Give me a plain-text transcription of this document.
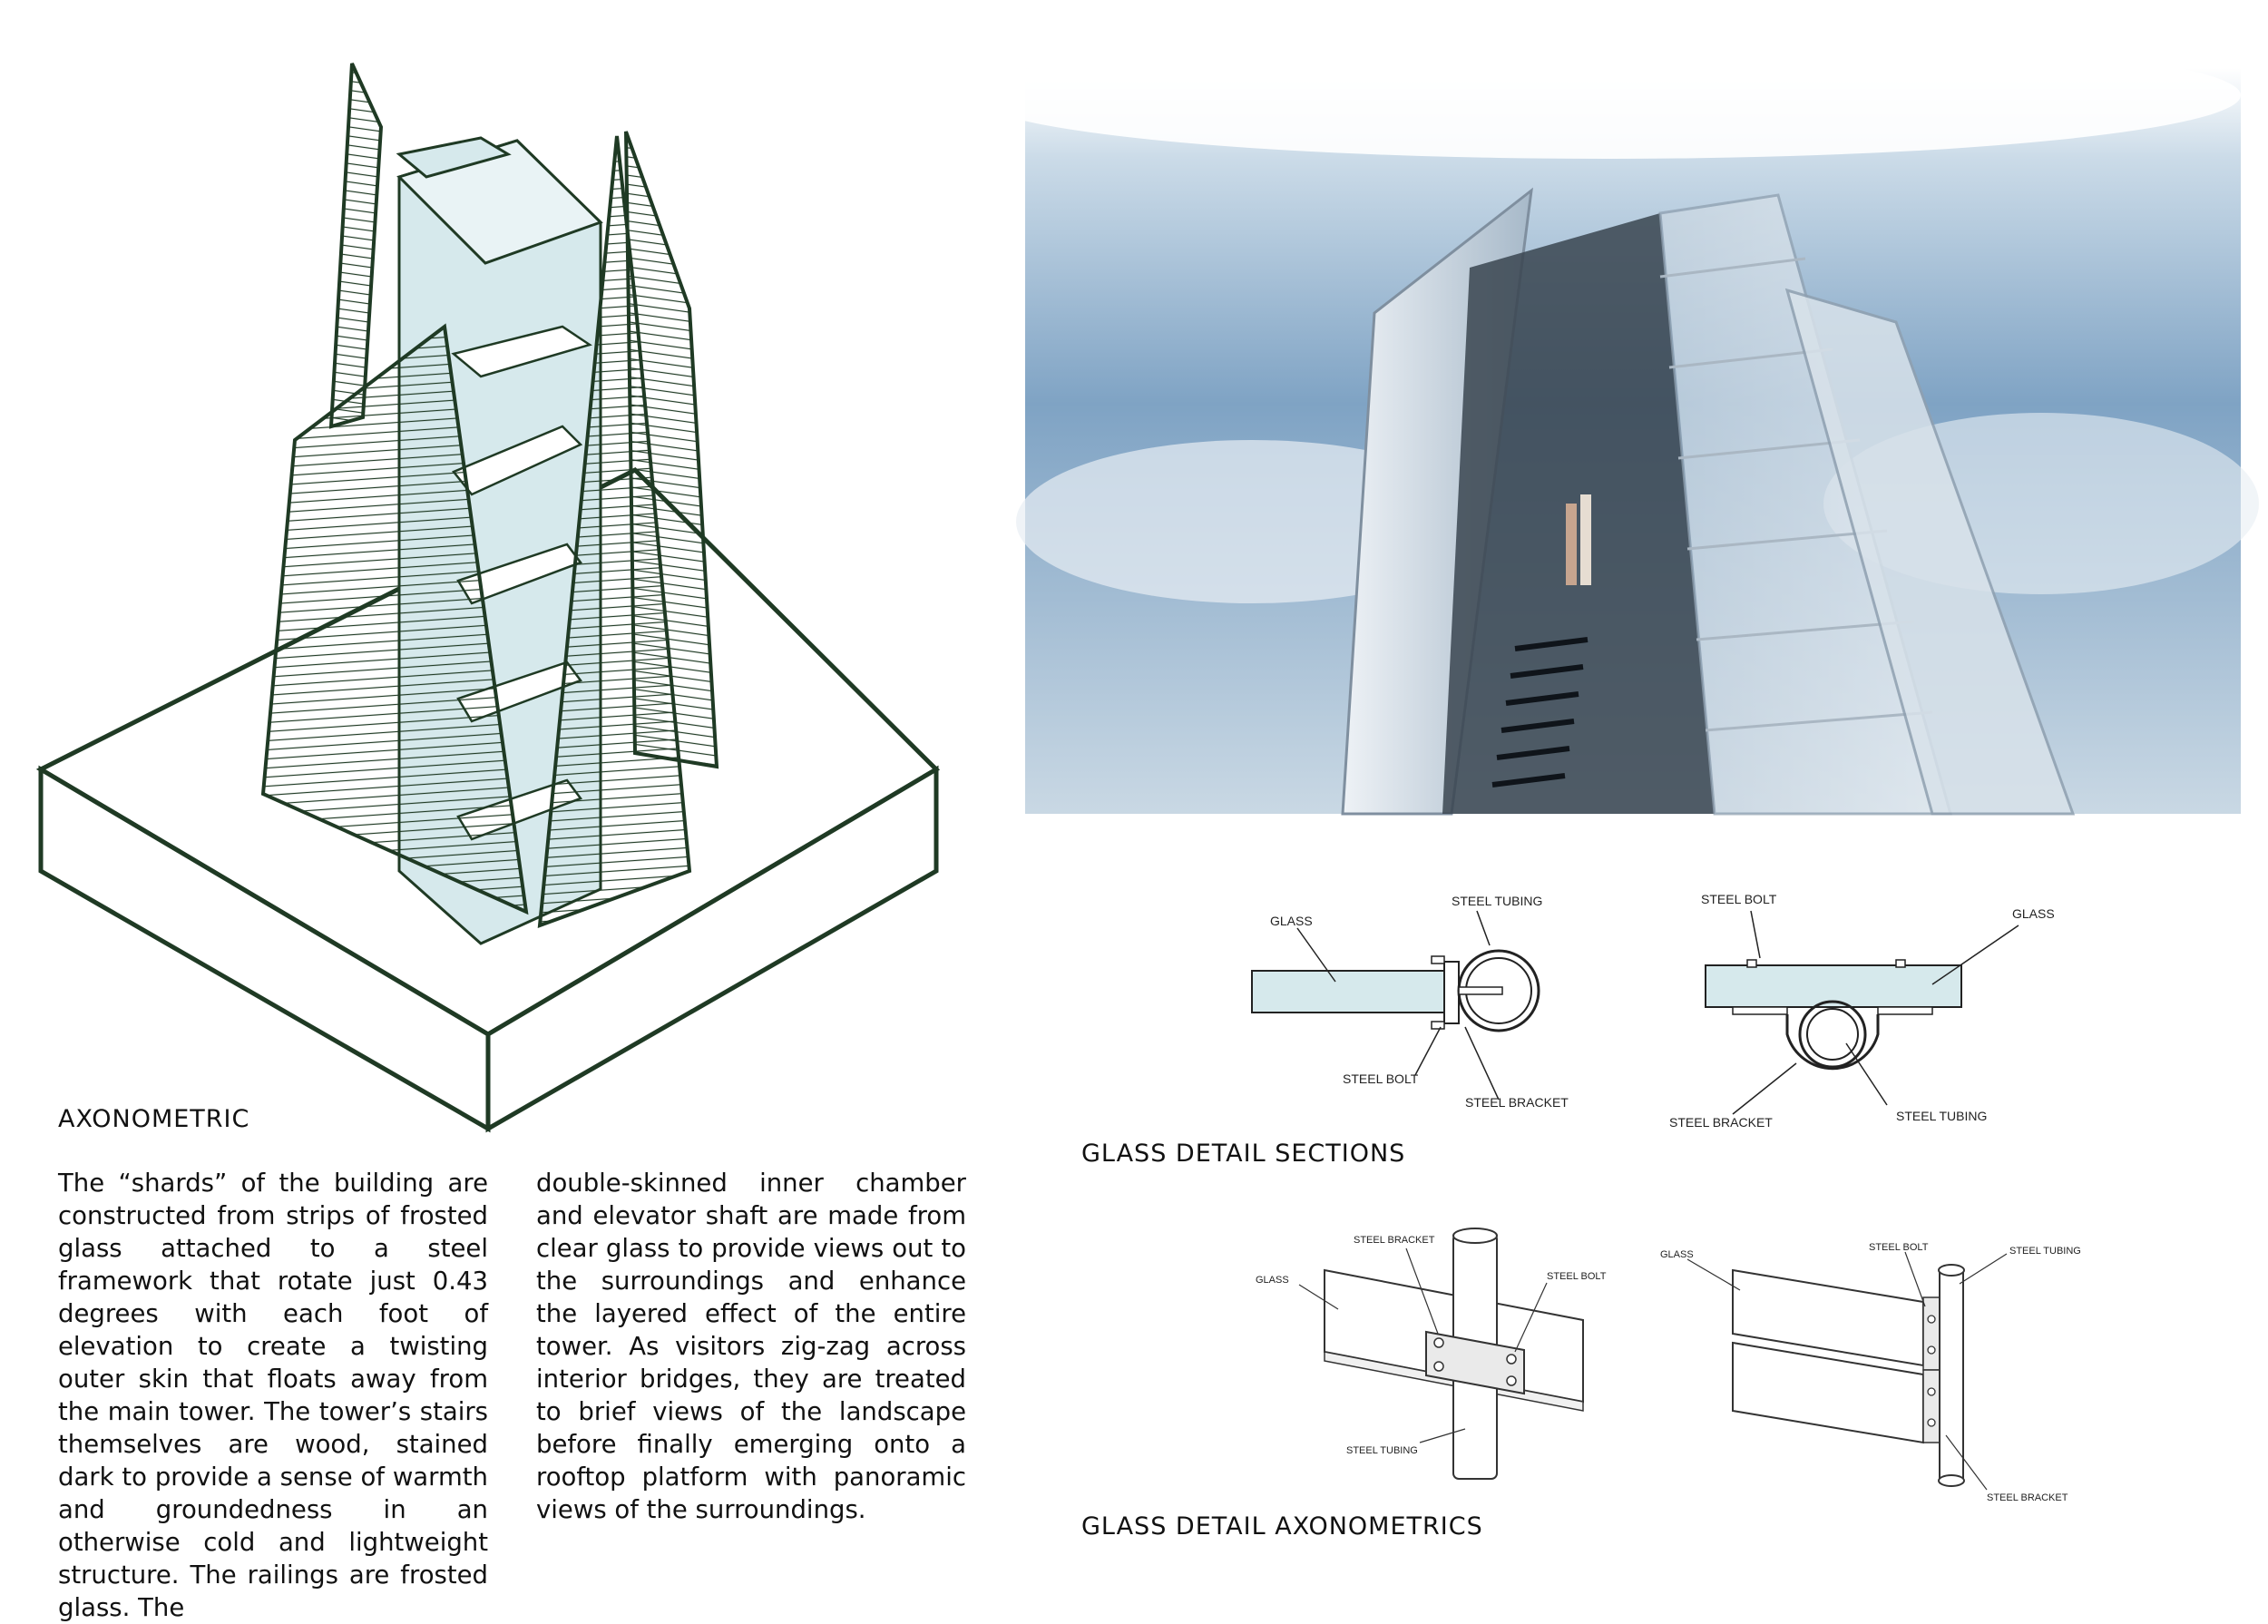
AXONOMETRIC
The “shards” of the building are constructed from strips of frosted glass attached to a steel framework that rotate just 0.43 degrees with each foot of elevation to create a twisting outer skin that floats away from the main tower. The tower’s stairs themselves are wood, stained dark to provide a sense of warmth and groundedness in an otherwise cold and lightweight structure. The railings are frosted glass. The
double-skinned inner chamber and elevator shaft are made from clear glass to provide views out to the surroundings and enhance the layered effect of the entire tower. As visitors zig-zag across interior bridges, they are treated to brief views of the landscape before finally emerging onto a rooftop platform with panoramic views of the surroundings.
GLASS
STEEL TUBING
STEEL BOLT
STEEL BRACKET
STEEL BOLT
GLASS
STEEL BRACKET	STEEL TUBING
GLASS DETAIL SECTIONS
STEEL BRACKET
GLASS	STEEL BOLT
STEEL TUBING
STEEL BOLT	STEEL TUBING
GLASS
STEEL BRACKET
GLASS DETAIL AXONOMETRICS
